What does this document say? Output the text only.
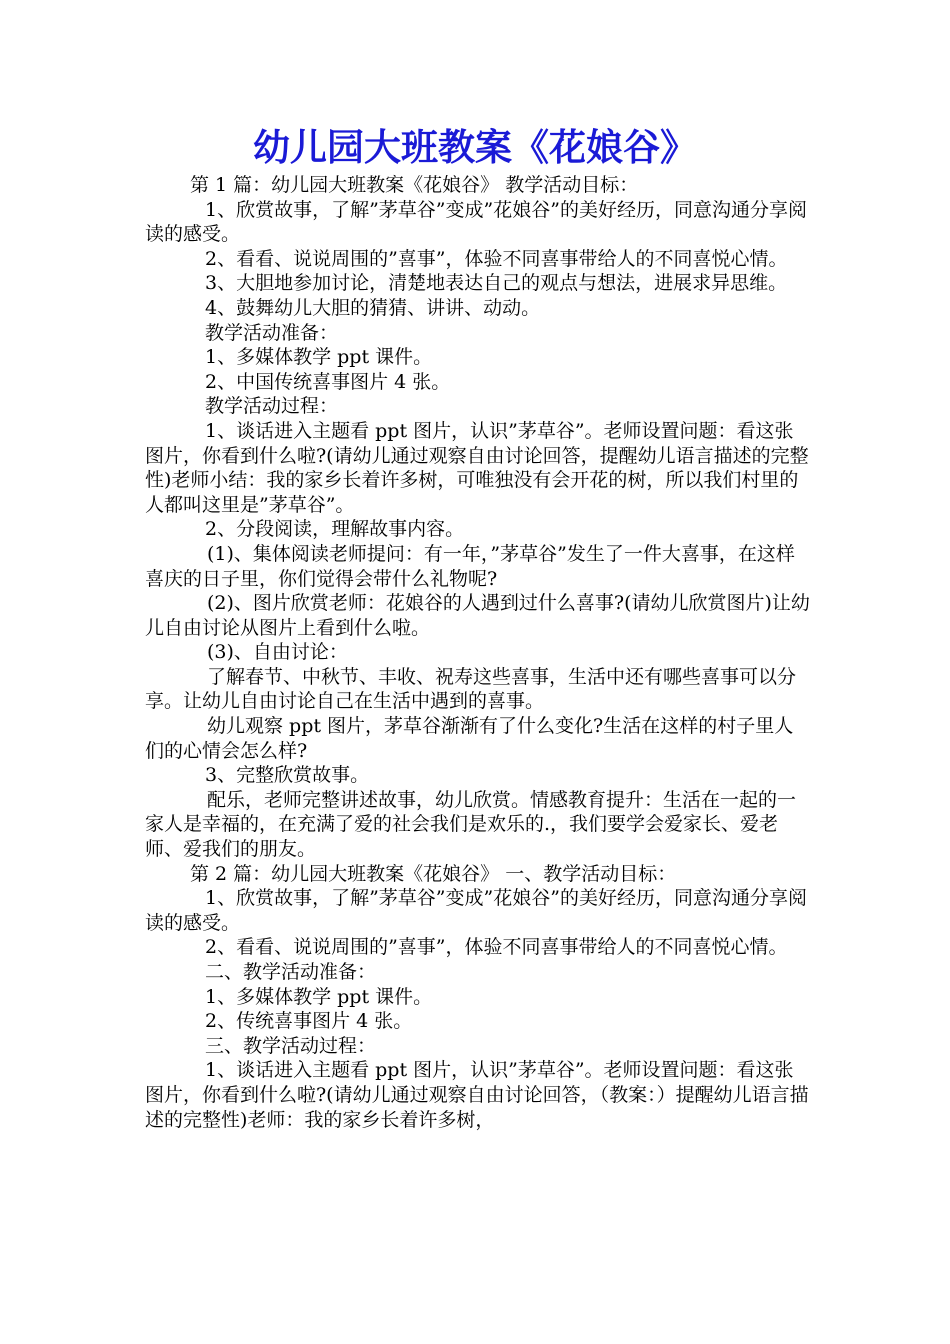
幼儿园大班教案《花娘谷》

第 1 篇：幼儿园大班教案《花娘谷》 教学活动目标：

1、欣赏故事，了解”茅草谷”变成”花娘谷”的美好经历，同意沟通分享阅读的感受。

2、看看、说说周围的”喜事”，体验不同喜事带给人的不同喜悦心情。

3、大胆地参加讨论，清楚地表达自己的观点与想法，进展求异思维。

4、鼓舞幼儿大胆的猜猜、讲讲、动动。

教学活动准备：

1、多媒体教学 ppt 课件。

2、中国传统喜事图片 4 张。

教学活动过程：

1、谈话进入主题看 ppt 图片，认识”茅草谷”。老师设置问题：看这张图片，你看到什么啦?(请幼儿通过观察自由讨论回答，提醒幼儿语言描述的完整性)老师小结：我的家乡长着许多树，可唯独没有会开花的树，所以我们村里的人都叫这里是”茅草谷”。

2、分段阅读，理解故事内容。

(1)、集体阅读老师提问：有一年，”茅草谷”发生了一件大喜事，在这样喜庆的日子里，你们觉得会带什么礼物呢?

(2)、图片欣赏老师：花娘谷的人遇到过什么喜事?(请幼儿欣赏图片)让幼儿自由讨论从图片上看到什么啦。

(3)、自由讨论：

了解春节、中秋节、丰收、祝寿这些喜事，生活中还有哪些喜事可以分享。让幼儿自由讨论自己在生活中遇到的喜事。

幼儿观察 ppt 图片，茅草谷渐渐有了什么变化?生活在这样的村子里人们的心情会怎么样?

3、完整欣赏故事。

配乐，老师完整讲述故事，幼儿欣赏。情感教育提升：生活在一起的一家人是幸福的，在充满了爱的社会我们是欢乐的.，我们要学会爱家长、爱老师、爱我们的朋友。

第 2 篇：幼儿园大班教案《花娘谷》 一、教学活动目标：

1、欣赏故事，了解”茅草谷”变成”花娘谷”的美好经历，同意沟通分享阅读的感受。

2、看看、说说周围的”喜事”，体验不同喜事带给人的不同喜悦心情。

二、教学活动准备：

1、多媒体教学 ppt 课件。

2、传统喜事图片 4 张。

三、教学活动过程：

1、谈话进入主题看 ppt 图片，认识”茅草谷”。老师设置问题：看这张图片，你看到什么啦?(请幼儿通过观察自由讨论回答，（教案：）提醒幼儿语言描述的完整性)老师：我的家乡长着许多树，
